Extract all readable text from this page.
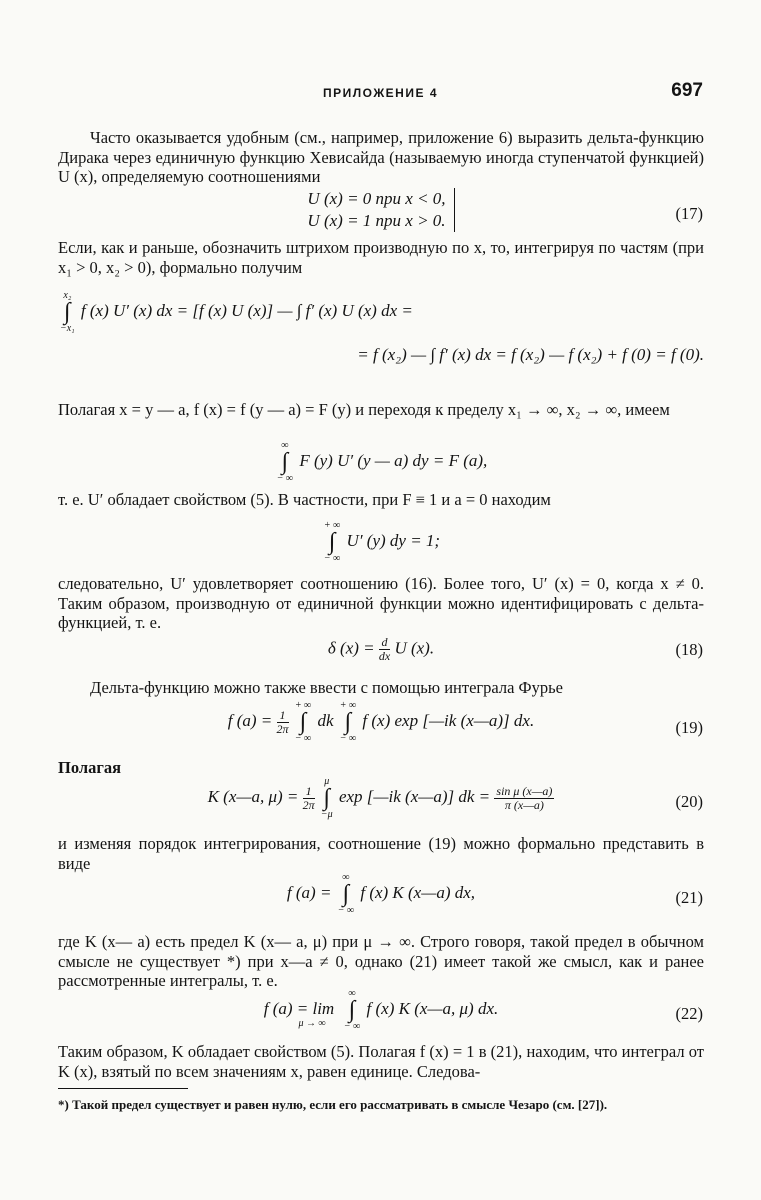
ПРИЛОЖЕНИЕ 4	697
Часто оказывается удобным (см., например, приложение 6) выразить дельта-функцию Дирака через единичную функцию Хевисайда (называемую иногда ступенчатой функцией) U (x), определяемую соотношениями
U (x) = 0 при x < 0,
U (x) = 1 при x > 0.	(17)
Если, как и раньше, обозначить штрихом производную по x, то, интегрируя по частям (при x₁ > 0, x₂ > 0), формально получим
x₂
∫
−x₁
f (x) U′ (x) dx = [f (x) U (x)] — ∫ f′ (x) U (x) dx =
= f (x₂) — ∫ f′ (x) dx = f (x₂) — f (x₂) + f (0) = f (0).
Полагая x = y — a, f (x) = f (y — a) = F (y) и переходя к пределу x₁ → ∞, x₂ → ∞, имеем
∞
∫
− ∞
F (y) U′ (y — a) dy = F (a),
т. е. U′ обладает свойством (5). В частности, при F ≡ 1 и a = 0 находим
+ ∞
∫
− ∞
U′ (y) dy = 1;
следовательно, U′ удовлетворяет соотношению (16). Более того, U′ (x) = 0, когда x ≠ 0. Таким образом, производную от единичной функции можно идентифицировать с дельта-функцией, т. е.
δ $(x) = \frac{d}{dx}$ U (x).	(18)
Дельта-функцию можно также ввести с помощью интеграла Фурье
f $(a) = \frac{1}{2\pi}$

+ ∞
∫
− ∞
dk
+ ∞
∫
− ∞
f (x) exp [—ik (x—a)] dx.	(19)
Полагая
K (x—a, $\mu) = \frac{1}{2\pi}$

μ
∫
−μ
exp [—ik (x—a)] dk = $\frac{\text{sin μ (x—a)}}{\pi (x—a)}$	(20)
и изменяя порядок интегрирования, соотношение (19) можно формально представить в виде
f (a) =
∞
∫
− ∞
f (x) K (x—a) dx,	(21)
где K (x— a) есть предел K (x— a, μ) при μ → ∞. Строго говоря, такой предел в обычном смысле не существует *) при x—a ≠ 0, однако (21) имеет такой же смысл, как и ранее рассмотренные интегралы, т. е.
f (a) = lim $_{\mu \to \infty}$
∞
∫
− ∞
f (x) K (x—a, μ) dx.	(22)
Таким образом, K обладает свойством (5). Полагая f (x) = 1 в (21), находим, что интеграл от K (x), взятый по всем значениям x, равен единице. Следова-
*) Такой предел существует и равен нулю, если его рассматривать в смысле Чезаро (см. [27]).
